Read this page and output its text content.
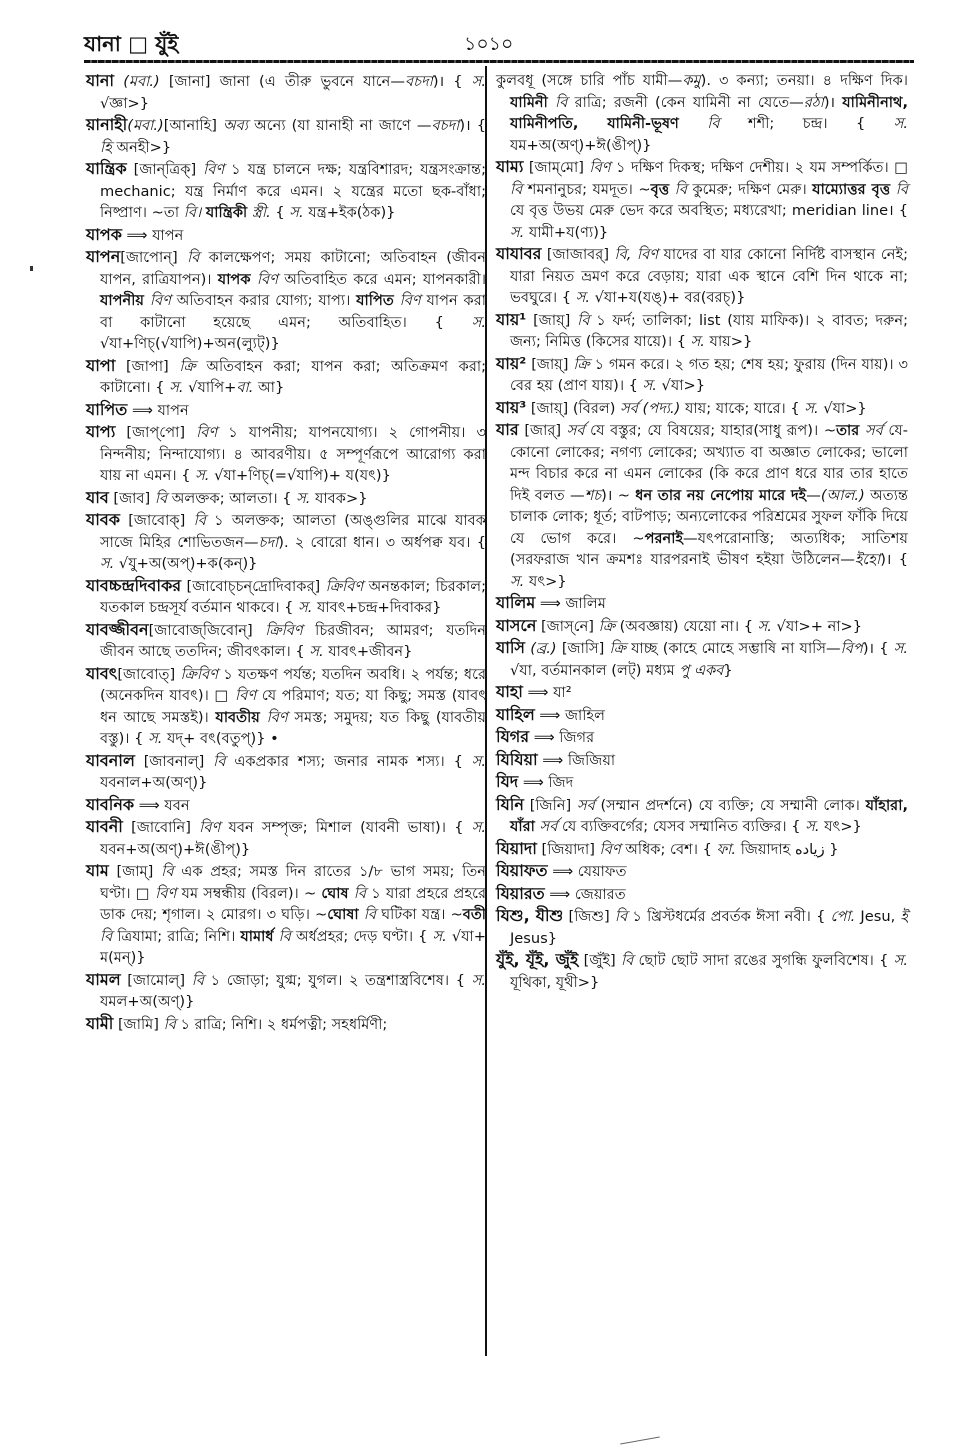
যানা □ যুঁই	১০১০
যানা (মবা.) [জানা] জানা (এ তীরু ভুবনে যানে—বচদা)। { স. √জ্ঞা>}
য়ানাহী(মবা.)[আনাহি] অব্য অন্যে (যা য়ানাহী না জাণে —বচদা)। { হি অনহী>}
যান্ত্রিক [জান্‌ত্রিক্] বিণ ১ যন্ত্র চালনে দক্ষ; যন্ত্রবিশারদ; যন্ত্রসংক্রান্ত; mechanic; যন্ত্র নির্মাণ করে এমন। ২ যন্ত্রের মতো ছক-বাঁধা; নিষ্প্রাণ। ~তা বি। যান্ত্রিকী স্ত্রী. { স. যন্ত্র+ইক(ঠক)}
যাপক ⟹ যাপন
যাপন[জাপোন্] বি কালক্ষেপণ; সময় কাটানো; অতিবাহন (জীবন যাপন, রাত্রিযাপন)। যাপক বিণ অতিবাহিত করে এমন; যাপনকারী। যাপনীয় বিণ অতিবাহন করার যোগ্য; যাপ্য। যাপিত বিণ যাপন করা বা কাটানো হয়েছে এমন; অতিবাহিত। { স. √যা+ণিচ্(√যাপি)+অন(ল্যুট্)}
যাপা [জাপা] ক্রি অতিবাহন করা; যাপন করা; অতিক্রমণ করা; কাটানো। { স. √যাপি+বা. আ}
যাপিত ⟹ যাপন
যাপ্য [জাপ্‌পো] বিণ ১ যাপনীয়; যাপনযোগ্য। ২ গোপনীয়। ৩ নিন্দনীয়; নিন্দাযোগ্য। ৪ আবরণীয়। ৫ সম্পূর্ণরূপে আরোগ্য করা যায় না এমন। { স. √যা+ণিচ্(=√যাপি)+ য(যৎ)}
যাব [জাব] বি অলক্তক; আলতা। { স. যাবক>}
যাবক [জাবোক্] বি ১ অলক্তক; আলতা (অঙ্গুলির মাঝে যাবক সাজে মিহির শোভিতজন—চদা). ২ বোরো ধান। ৩ অর্ধপক্ব যব। { স. √যু+অ(অপ্)+ক(কন্)}
যাবচ্চন্দ্রদিবাকর [জাবোচ্‌চন্‌দ্রোদিবাকর্] ক্রিবিণ অনন্তকাল; চিরকাল; যতকাল চন্দ্রসূর্য বর্তমান থাকবে। { স. যাবৎ+চন্দ্র+দিবাকর}
যাবজ্জীবন[জাবোজ্‌জিবোন্] ক্রিবিণ চিরজীবন; আমরণ; যতদিন জীবন আছে ততদিন; জীবৎকাল। { স. যাবৎ+জীবন}
যাবৎ[জাবোত্] ক্রিবিণ ১ যতক্ষণ পর্যন্ত; যতদিন অবধি। ২ পর্যন্ত; ধরে (অনেকদিন যাবৎ)। □ বিণ যে পরিমাণ; যত; যা কিছু; সমস্ত (যাবৎ ধন আছে সমস্তই)। যাবতীয় বিণ সমস্ত; সমুদয়; যত কিছু (যাবতীয় বস্তু)। { স. যদ্+ বৎ(বতুপ্)} •
যাবনাল [জাবনাল্] বি একপ্রকার শস্য; জনার নামক শস্য। { স. যবনাল+অ(অণ্)}
যাবনিক ⟹ যবন
যাবনী [জাবোনি] বিণ যবন সম্পৃক্ত; মিশাল (যাবনী ভাষা)। { স. যবন+অ(অণ্)+ঈ(ঙীপ্)}
যাম [জাম্] বি এক প্রহর; সমস্ত দিন রাতের ১/৮ ভাগ সময়; তিন ঘণ্টা। □ বিণ যম সম্বন্ধীয় (বিরল)। ~ ঘোষ বি ১ যারা প্রহরে প্রহরে ডাক দেয়; শৃগাল। ২ মোরগ। ৩ ঘড়ি। ~ঘোষা বি ঘটিকা যন্ত্র। ~বতী বি ত্রিযামা; রাত্রি; নিশি। যামার্ধ বি অর্ধপ্রহর; দেড় ঘণ্টা। { স. √যা+ ম(মন্)}
যামল [জামোল্] বি ১ জোড়া; যুগ্ম; যুগল। ২ তন্ত্রশাস্ত্রবিশেষ। { স. যমল+অ(অণ্)}
যামী [জামি] বি ১ রাত্রি; নিশি। ২ ধর্মপত্নী; সহধর্মিণী;
কুলবধূ (সঙ্গে চারি পাঁচ যামী—কমু). ৩ কন্যা; তনয়া। ৪ দক্ষিণ দিক। যামিনী বি রাত্রি; রজনী (কেন যামিনী না যেতে—রঠা)। যামিনীনাথ, যামিনীপতি, যামিনী-ভূষণ বি শশী; চন্দ্র। { স. যম+অ(অণ্)+ঈ(ঙীপ্)}
যাম্য [জাম্‌মো] বিণ ১ দক্ষিণ দিকস্থ; দক্ষিণ দেশীয়। ২ যম সম্পর্কিত। □ বি শমনানুচর; যমদূত। ~বৃত্ত বি কুমেরু; দক্ষিণ মেরু। যাম্যোত্তর বৃত্ত বি যে বৃত্ত উভয় মেরু ভেদ করে অবস্থিত; মধ্যরেখা; meridian line। { স. যামী+য(ণ্য)}
যাযাবর [জাজাবর্] বি, বিণ যাদের বা যার কোনো নির্দিষ্ট বাসস্থান নেই; যারা নিয়ত ভ্রমণ করে বেড়ায়; যারা এক স্থানে বেশি দিন থাকে না; ভবঘুরে। { স. √যা+য(যঙ্)+ বর(বরচ্)}
যায়¹ [জায়্] বি ১ ফর্দ; তালিকা; list (যায় মাফিক)। ২ বাবত; দরুন; জন্য; নিমিত্ত (কিসের যায়ে)। { স. যায়>}
যায়² [জায়্] ক্রি ১ গমন করে। ২ গত হয়; শেষ হয়; ফুরায় (দিন যায়)। ৩ বের হয় (প্রাণ যায়)। { স. √যা>}
যায়³ [জায়্] (বিরল) সর্ব (পদ্য.) যায়; যাকে; যারে। { স. √যা>}
যার [জার্] সর্ব যে বস্তুর; যে বিষয়ের; যাহার(সাধু রূপ)। ~তার সর্ব যে-কোনো লোকের; নগণ্য লোকের; অখ্যাত বা অজ্ঞাত লোকের; ভালো মন্দ বিচার করে না এমন লোকের (কি করে প্রাণ ধরে যার তার হাতে দিই বলত —শচ)। ~ ধন তার নয় নেপোয় মারে দই—(আল.) অত্যন্ত চালাক লোক; ধূর্ত; বাটপাড়; অন্যলোকের পরিশ্রমের সুফল ফাঁকি দিয়ে যে ভোগ করে। ~পরনাই—যৎপরোনাস্তি; অত্যধিক; সাতিশয় (সরফরাজ খান ক্রমশঃ যারপরনাই ভীষণ হইয়া উঠিলেন—ইহো)। { স. যৎ>}
যালিম ⟹ জালিম
যাসনে [জাস্‌নে] ক্রি (অবজ্ঞায়) যেয়ো না। { স. √যা>+ না>}
যাসি (ব্র.) [জাসি] ক্রি যাচ্ছ (কাহে মোহে সম্ভাষি না যাসি—বিপ)। { স. √যা, বর্তমানকাল (লট্) মধ্যম পু একব}
যাহা ⟹ যা²
যাহিল ⟹ জাহিল
যিগর ⟹ জিগর
যিযিয়া ⟹ জিজিয়া
যিদ ⟹ জিদ
যিনি [জিনি] সর্ব (সম্মান প্রদর্শনে) যে ব্যক্তি; যে সম্মানী লোক। যাঁহারা, যাঁরা সর্ব যে ব্যক্তিবর্গের; যেসব সম্মানিত ব্যক্তির। { স. যৎ>}
যিয়াদা [জিয়াদা] বিণ অধিক; বেশ। { ফা. জিয়াদাহ زیاده }
যিয়াফত ⟹ যেয়াফত
যিয়ারত ⟹ জেয়ারত
যিশু, যীশু [জিশু] বি ১ খ্রিস্টধর্মের প্রবর্তক ঈসা নবী। { পো. Jesu, ই Jesus}
যুঁই, যূঁই, জুঁই [জুঁই] বি ছোট ছোট সাদা রঙের সুগন্ধি ফুলবিশেষ। { স. যূথিকা, যূথী>}
